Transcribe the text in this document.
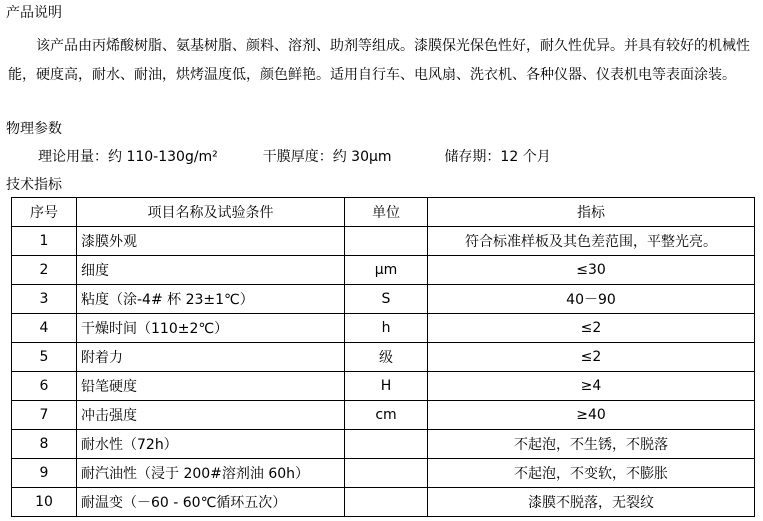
产品说明
该产品由丙烯酸树脂、氨基树脂、颜料、溶剂、助剂等组成。漆膜保光保色性好，耐久性优异。并具有较好的机械性能，硬度高，耐水、耐油，烘烤温度低，颜色鲜艳。适用自行车、电风扇、洗衣机、各种仪器、仪表机电等表面涂装。
物理参数
理论用量：约 110-130g/m²	干膜厚度：约 30μm	储存期：12 个月
技术指标
序号	项目名称及试验条件	单位	指标
1	漆膜外观		符合标准样板及其色差范围，平整光亮。
2	细度	μm	≤30
3	粘度（涂-4# 杯 23±1℃）	S	40－90
4	干燥时间（110±2℃）	h	≤2
5	附着力	级	≤2
6	铅笔硬度	H	≥4
7	冲击强度	cm	≥40
8	耐水性（72h）		不起泡，不生锈，不脱落
9	耐汽油性（浸于 200#溶剂油 60h）		不起泡，不变软，不膨胀
10	耐温变（－60 - 60℃循环五次）		漆膜不脱落，无裂纹
